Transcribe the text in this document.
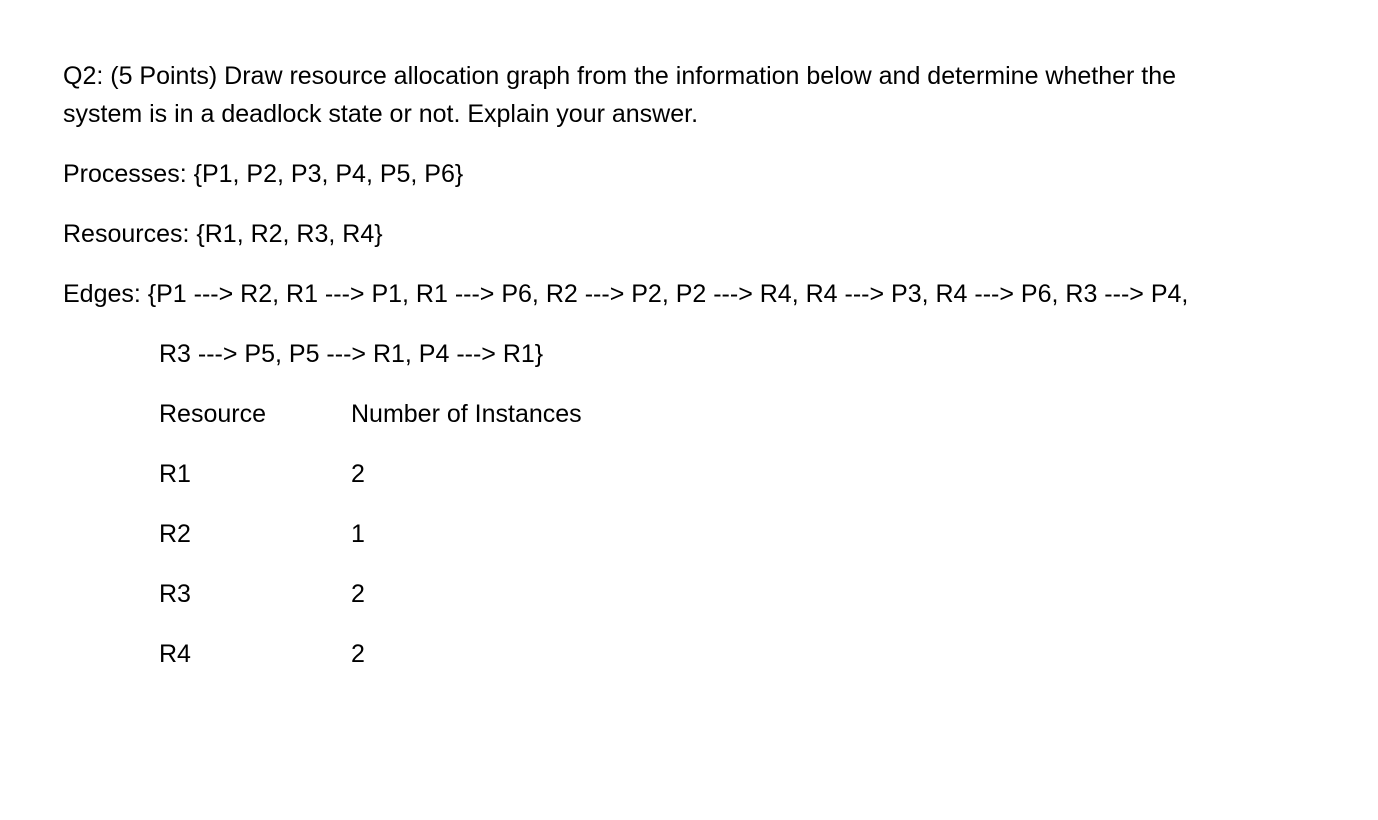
Q2: (5 Points) Draw resource allocation graph from the information below and determine whether the
system is in a deadlock state or not. Explain your answer.
Processes: {P1, P2, P3, P4, P5, P6}
Resources: {R1, R2, R3, R4}
Edges: {P1 ---> R2, R1 ---> P1, R1 ---> P6, R2 ---> P2, P2 ---> R4, R4 ---> P3, R4 ---> P6, R3 ---> P4,
R3 ---> P5, P5 ---> R1, P4 ---> R1}
Resource	Number of Instances
R1	2
R2	1
R3	2
R4	2
